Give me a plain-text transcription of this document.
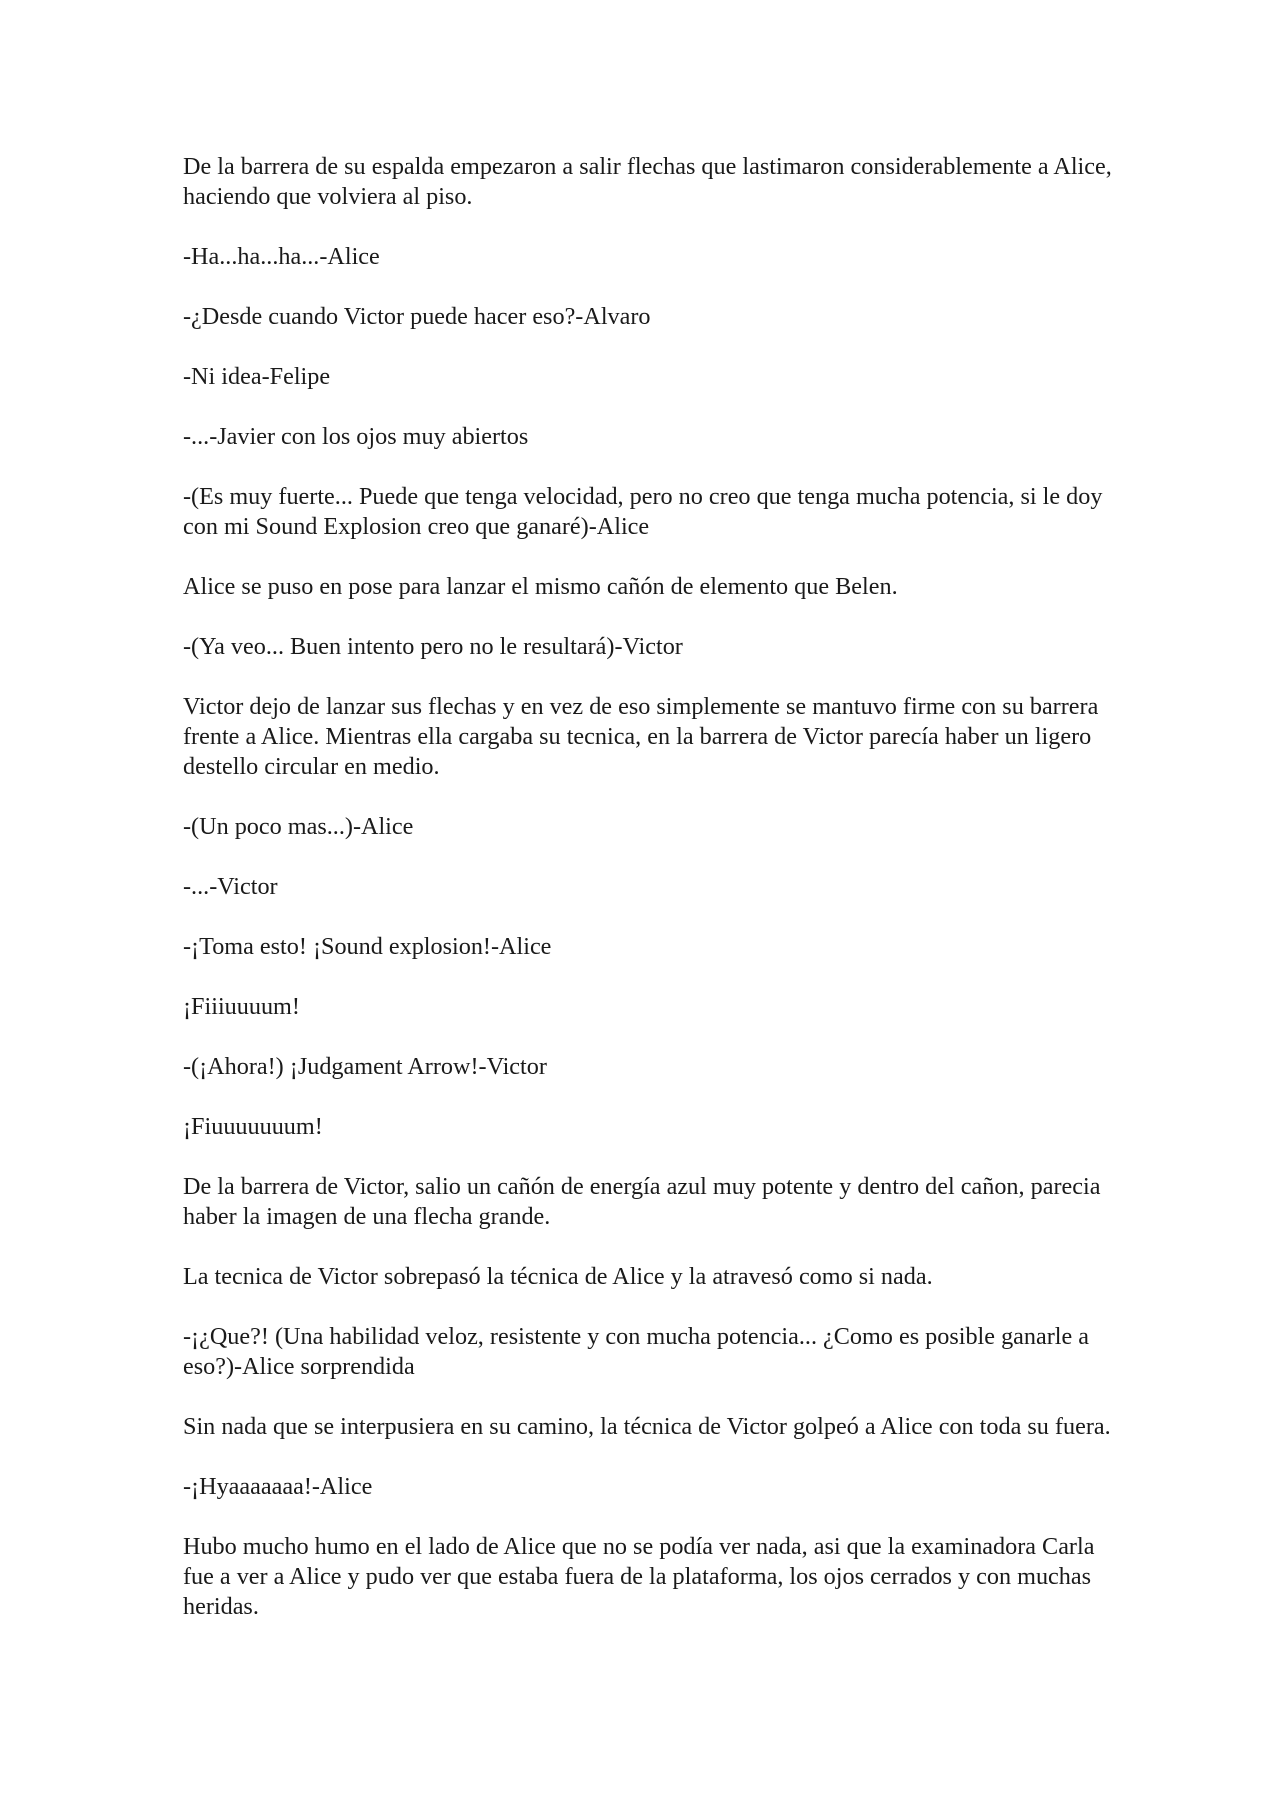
De la barrera de su espalda empezaron a salir flechas que lastimaron considerablemente a Alice, haciendo que volviera al piso.

-Ha...ha...ha...-Alice

-¿Desde cuando Victor puede hacer eso?-Alvaro

-Ni idea-Felipe

-...-Javier con los ojos muy abiertos

-(Es muy fuerte... Puede que tenga velocidad, pero no creo que tenga mucha potencia, si le doy con mi Sound Explosion creo que ganaré)-Alice

Alice se puso en pose para lanzar el mismo cañón de elemento que Belen.

-(Ya veo... Buen intento pero no le resultará)-Victor

Victor dejo de lanzar sus flechas y en vez de eso simplemente se mantuvo firme con su barrera frente a Alice. Mientras ella cargaba su tecnica, en la barrera de Victor parecía haber un ligero destello circular en medio.

-(Un poco mas...)-Alice

-...-Victor

-¡Toma esto! ¡Sound explosion!-Alice

¡Fiiiuuuum!

-(¡Ahora!) ¡Judgament Arrow!-Victor

¡Fiuuuuuuum!

De la barrera de Victor, salio un cañón de energía azul muy potente y dentro del cañon, parecia haber la imagen de una flecha grande.

La tecnica de Victor sobrepasó la técnica de Alice y la atravesó como si nada.

-¡¿Que?! (Una habilidad veloz, resistente y con mucha potencia... ¿Como es posible ganarle a eso?)-Alice sorprendida

Sin nada que se interpusiera en su camino, la técnica de Victor golpeó a Alice con toda su fuera.

-¡Hyaaaaaaa!-Alice

Hubo mucho humo en el lado de Alice que no se podía ver nada, asi que la examinadora Carla fue a ver a Alice y pudo ver que estaba fuera de la plataforma, los ojos cerrados y con muchas heridas.
